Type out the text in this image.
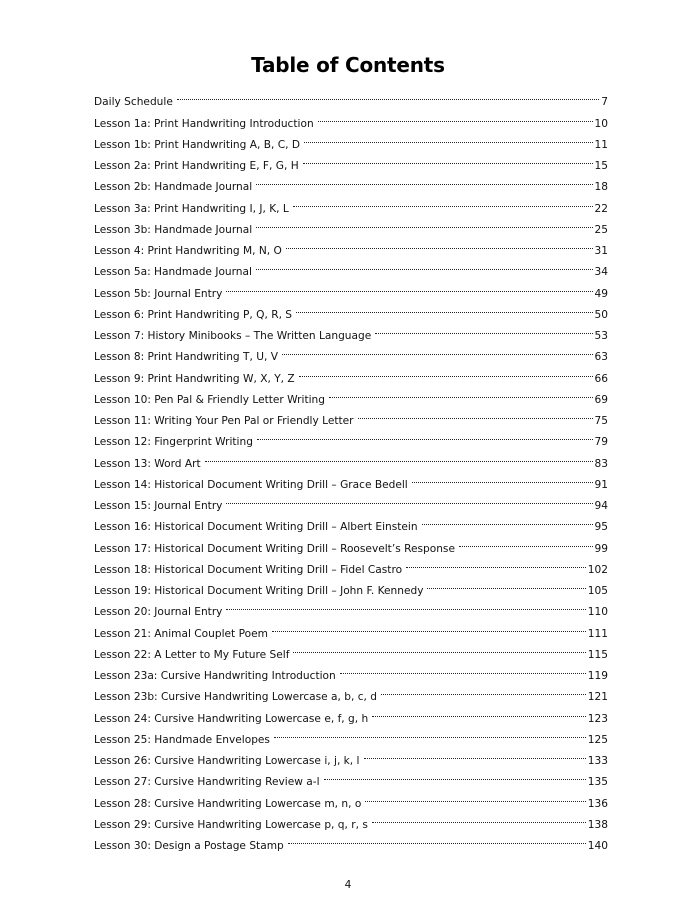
Table of Contents
Daily Schedule	7
Lesson 1a: Print Handwriting Introduction	10
Lesson 1b: Print Handwriting A, B, C, D	11
Lesson 2a: Print Handwriting E, F, G, H	15
Lesson 2b: Handmade Journal	18
Lesson 3a: Print Handwriting I, J, K, L	22
Lesson 3b: Handmade Journal	25
Lesson 4: Print Handwriting M, N, O	31
Lesson 5a: Handmade Journal	34
Lesson 5b: Journal Entry	49
Lesson 6: Print Handwriting P, Q, R, S	50
Lesson 7: History Minibooks – The Written Language	53
Lesson 8: Print Handwriting T, U, V	63
Lesson 9: Print Handwriting W, X, Y, Z	66
Lesson 10: Pen Pal & Friendly Letter Writing	69
Lesson 11: Writing Your Pen Pal or Friendly Letter	75
Lesson 12: Fingerprint Writing	79
Lesson 13: Word Art	83
Lesson 14: Historical Document Writing Drill – Grace Bedell	91
Lesson 15: Journal Entry	94
Lesson 16: Historical Document Writing Drill – Albert Einstein	95
Lesson 17: Historical Document Writing Drill – Roosevelt’s Response	99
Lesson 18: Historical Document Writing Drill – Fidel Castro	102
Lesson 19: Historical Document Writing Drill – John F. Kennedy	105
Lesson 20: Journal Entry	110
Lesson 21: Animal Couplet Poem	111
Lesson 22: A Letter to My Future Self	115
Lesson 23a: Cursive Handwriting Introduction	119
Lesson 23b: Cursive Handwriting Lowercase a, b, c, d	121
Lesson 24: Cursive Handwriting Lowercase e, f, g, h	123
Lesson 25: Handmade Envelopes	125
Lesson 26: Cursive Handwriting Lowercase i, j, k, l	133
Lesson 27: Cursive Handwriting Review a-l	135
Lesson 28: Cursive Handwriting Lowercase m, n, o	136
Lesson 29: Cursive Handwriting Lowercase p, q, r, s	138
Lesson 30: Design a Postage Stamp	140
4
